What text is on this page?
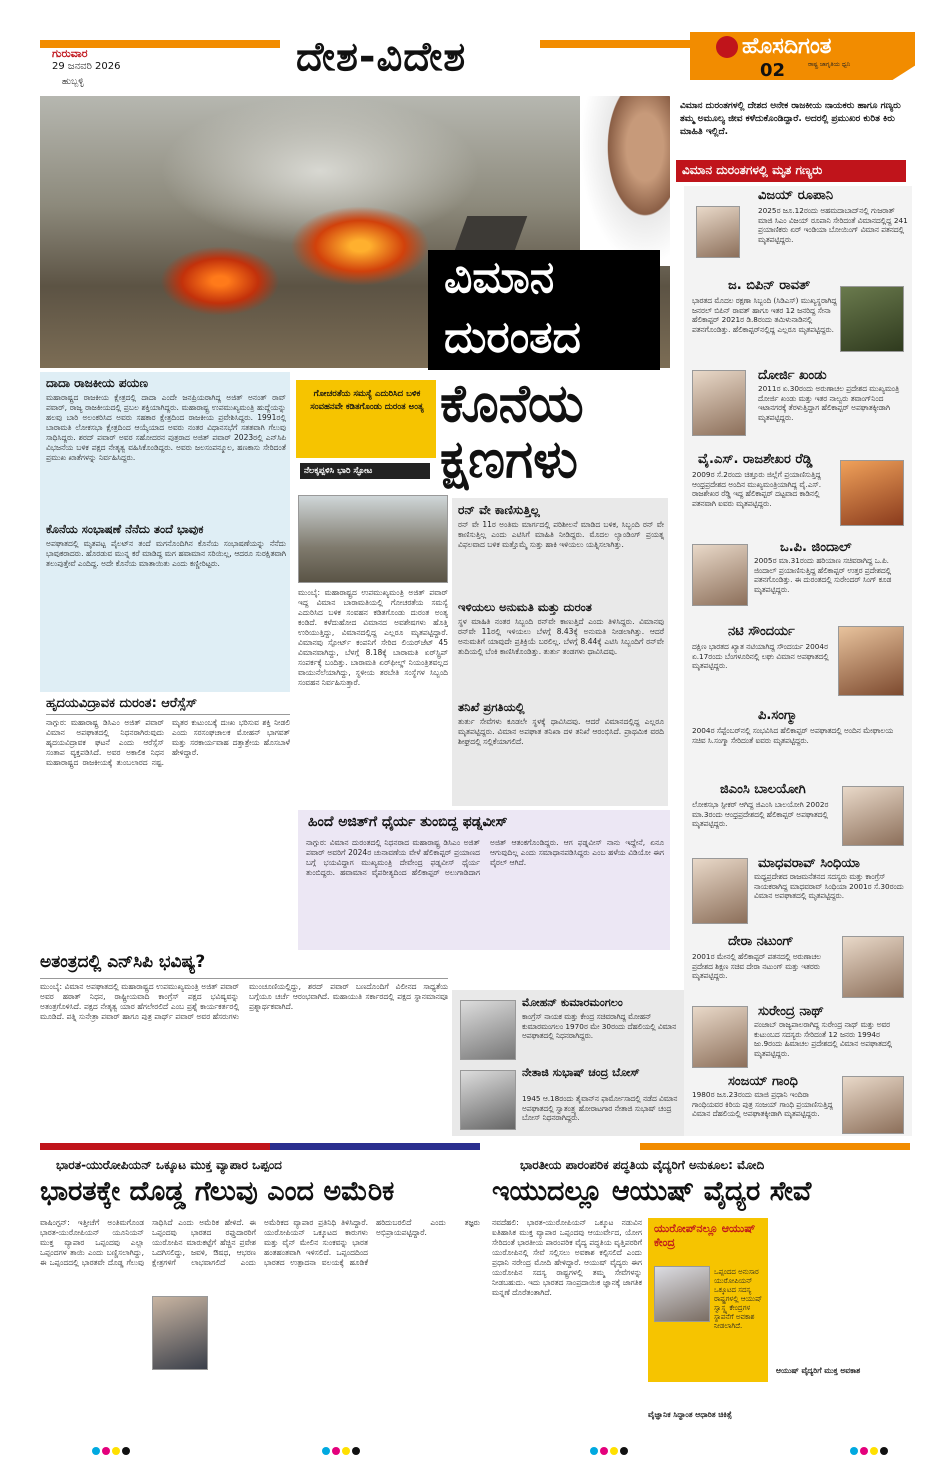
ಗುರುವಾರ
29 ಜನವರಿ 2026
ಹುಬ್ಬಳ್ಳಿ
ದೇಶ-ವಿದೇಶ	ಹೊಸದಿಗಂತ
ರಾಷ್ಟ್ರ ಜಾಗೃತಿಯ ಧ್ವನಿ
02
ವಿಮಾನ
ದುರಂತದ
ಕೊನೆಯ
ಕ್ಷಣಗಳು
ಗೋಚರತೆಯ ಸಮಸ್ಯೆ ಎದುರಿಸಿದ ಬಳಿಕ ಸಂವಹನವೇ ಕಡಿತಗೊಂಡು ದುರಂತ ಅಂತ್ಯ
ನೆಲಕ್ಕಪ್ಪಳಿಸಿ ಭಾರಿ ಸ್ಫೋಟ
ದಾದಾ ರಾಜಕೀಯ ಪಯಣ
ಮಹಾರಾಷ್ಟ್ರದ ರಾಜಕೀಯ ಕ್ಷೇತ್ರದಲ್ಲಿ ದಾದಾ ಎಂದೇ ಜನಪ್ರಿಯರಾಗಿದ್ದ ಅಜಿತ್ ಅನಂತ್ ರಾವ್ ಪವಾರ್, ರಾಜ್ಯ ರಾಜಕೀಯದಲ್ಲಿ ಪ್ರಬಲ ಶಕ್ತಿಯಾಗಿದ್ದರು. ಮಹಾರಾಷ್ಟ್ರ ಉಪಮುಖ್ಯಮಂತ್ರಿ ಹುದ್ದೆಯನ್ನು ಹಲವು ಬಾರಿ ಅಲಂಕರಿಸಿದ ಅವರು ಸಹಕಾರ ಕ್ಷೇತ್ರದಿಂದ ರಾಜಕೀಯ ಪ್ರವೇಶಿಸಿದ್ದರು. 1991ರಲ್ಲಿ ಬಾರಾಮತಿ ಲೋಕಸಭಾ ಕ್ಷೇತ್ರದಿಂದ ಆಯ್ಕೆಯಾದ ಅವರು ನಂತರ ವಿಧಾನಸಭೆಗೆ ಸತತವಾಗಿ ಗೆಲುವು ಸಾಧಿಸಿದ್ದರು. ಶರದ್ ಪವಾರ್ ಅವರ ಸಹೋದರನ ಪುತ್ರರಾದ ಅಜಿತ್ ಪವಾರ್ 2023ರಲ್ಲಿ ಎನ್‌ಸಿಪಿ ವಿಭಜನೆಯ ಬಳಿಕ ಪಕ್ಷದ ನೇತೃತ್ವ ವಹಿಸಿಕೊಂಡಿದ್ದರು. ಅವರು ಜಲಸಂಪನ್ಮೂಲ, ಹಣಕಾಸು ಸೇರಿದಂತೆ ಪ್ರಮುಖ ಖಾತೆಗಳನ್ನು ನಿರ್ವಹಿಸಿದ್ದರು.
ಕೊನೆಯ ಸಂಭಾಷಣೆ ನೆನೆದು ತಂದೆ ಭಾವುಕ
ಅಪಘಾತದಲ್ಲಿ ಮೃತಪಟ್ಟ ಪೈಲಟ್‌ನ ತಂದೆ ಮಗನೊಂದಿಗಿನ ಕೊನೆಯ ಸಂಭಾಷಣೆಯನ್ನು ನೆನೆದು ಭಾವುಕರಾದರು. ಹೊರಡುವ ಮುನ್ನ ಕರೆ ಮಾಡಿದ್ದ ಮಗ ಹವಾಮಾನ ಸರಿಯಿಲ್ಲ, ಆದರೂ ಸುರಕ್ಷಿತವಾಗಿ ತಲುಪುತ್ತೇವೆ ಎಂದಿದ್ದ. ಅದೇ ಕೊನೆಯ ಮಾತಾಯಿತು ಎಂದು ಕಣ್ಣೀರಿಟ್ಟರು.
ಹೃದಯವಿದ್ರಾವಕ ದುರಂತ: ಆರೆಸ್ಸೆಸ್
ನಾಗ್ಪುರ: ಮಹಾರಾಷ್ಟ್ರ ಡಿಸಿಎಂ ಅಜಿತ್ ಪವಾರ್ ವಿಮಾನ ಅಪಘಾತದಲ್ಲಿ ನಿಧನರಾಗಿರುವುದು ಹೃದಯವಿದ್ರಾವಕ ಘಟನೆ ಎಂದು ಆರೆಸ್ಸೆಸ್ ಸಂತಾಪ ವ್ಯಕ್ತಪಡಿಸಿದೆ. ಅವರ ಅಕಾಲಿಕ ನಿಧನ ಮಹಾರಾಷ್ಟ್ರದ ರಾಜಕೀಯಕ್ಕೆ ತುಂಬಲಾರದ ನಷ್ಟ. ಮೃತರ ಕುಟುಂಬಕ್ಕೆ ದುಃಖ ಭರಿಸುವ ಶಕ್ತಿ ನೀಡಲಿ ಎಂದು ಸರಸಂಘಚಾಲಕ ಮೋಹನ್ ಭಾಗವತ್ ಮತ್ತು ಸರಕಾರ್ಯವಾಹ ದತ್ತಾತ್ರೇಯ ಹೊಸಬಾಳೆ ಹೇಳಿದ್ದಾರೆ.
ಅತಂತ್ರದಲ್ಲಿ ಎನ್‌ಸಿಪಿ ಭವಿಷ್ಯ?
ಮುಂಬೈ: ವಿಮಾನ ಅಪಘಾತದಲ್ಲಿ ಮಹಾರಾಷ್ಟ್ರದ ಉಪಮುಖ್ಯಮಂತ್ರಿ ಅಜಿತ್ ಪವಾರ್ ಅವರ ಹಠಾತ್ ನಿಧನ, ರಾಷ್ಟ್ರೀಯವಾದಿ ಕಾಂಗ್ರೆಸ್ ಪಕ್ಷದ ಭವಿಷ್ಯವನ್ನು ಅತಂತ್ರಗೊಳಿಸಿದೆ. ಪಕ್ಷದ ನೇತೃತ್ವ ಯಾರ ಹೆಗಲೇರಲಿದೆ ಎಂಬ ಪ್ರಶ್ನೆ ಕಾರ್ಯಕರ್ತರಲ್ಲಿ ಮೂಡಿದೆ. ಪತ್ನಿ ಸುನೇತ್ರಾ ಪವಾರ್ ಹಾಗೂ ಪುತ್ರ ಪಾರ್ಥ್ ಪವಾರ್ ಅವರ ಹೆಸರುಗಳು ಮುಂಚೂಣಿಯಲ್ಲಿದ್ದು, ಶರದ್ ಪವಾರ್ ಬಣದೊಂದಿಗೆ ವಿಲೀನದ ಸಾಧ್ಯತೆಯ ಬಗ್ಗೆಯೂ ಚರ್ಚೆ ಆರಂಭವಾಗಿದೆ. ಮಹಾಯುತಿ ಸರ್ಕಾರದಲ್ಲಿ ಪಕ್ಷದ ಸ್ಥಾನಮಾನವೂ ಪ್ರಶ್ನಾರ್ಥಕವಾಗಿದೆ.
ರನ್ ವೇ ಕಾಣಿಸುತ್ತಿಲ್ಲ
ರನ್ ವೇ 11ರ ಅಂತಿಮ ಮಾರ್ಗದಲ್ಲಿ ಪರಿಶೀಲನೆ ಮಾಡಿದ ಬಳಿಕ, ಸಿಬ್ಬಂದಿ ರನ್ ವೇ ಕಾಣಿಸುತ್ತಿಲ್ಲ ಎಂದು ಎಟಿಸಿಗೆ ಮಾಹಿತಿ ನೀಡಿದ್ದರು. ಮೊದಲ ಲ್ಯಾಂಡಿಂಗ್ ಪ್ರಯತ್ನ ವಿಫಲವಾದ ಬಳಿಕ ಮತ್ತೊಮ್ಮೆ ಸುತ್ತು ಹಾಕಿ ಇಳಿಯಲು ಯತ್ನಿಸಲಾಗಿತ್ತು.
ಇಳಿಯಲು ಅನುಮತಿ ಮತ್ತು ದುರಂತ
ಸ್ಥಳ ಮಾಹಿತಿ ನಂತರ ಸಿಬ್ಬಂದಿ ರನ್‌ವೇ ಕಾಣುತ್ತಿದೆ ಎಂದು ತಿಳಿಸಿದ್ದರು. ವಿಮಾನವು ರನ್‌ವೇ 11ರಲ್ಲಿ ಇಳಿಯಲು ಬೆಳಗ್ಗೆ 8.43ಕ್ಕೆ ಅನುಮತಿ ನೀಡಲಾಗಿತ್ತು. ಆದರೆ ಅನುಮತಿಗೆ ಯಾವುದೇ ಪ್ರತಿಕ್ರಿಯೆ ಬರಲಿಲ್ಲ. ಬೆಳಗ್ಗೆ 8.44ಕ್ಕೆ ಎಟಿಸಿ ಸಿಬ್ಬಂದಿಗೆ ರನ್‌ವೇ ತುದಿಯಲ್ಲಿ ಬೆಂಕಿ ಕಾಣಿಸಿಕೊಂಡಿತ್ತು. ತುರ್ತು ತಂಡಗಳು ಧಾವಿಸಿದವು.
ತನಿಖೆ ಪ್ರಗತಿಯಲ್ಲಿ
ತುರ್ತು ಸೇವೆಗಳು ಕೂಡಲೇ ಸ್ಥಳಕ್ಕೆ ಧಾವಿಸಿದವು. ಆದರೆ ವಿಮಾನದಲ್ಲಿದ್ದ ಎಲ್ಲರೂ ಮೃತಪಟ್ಟಿದ್ದರು. ವಿಮಾನ ಅಪಘಾತ ತನಿಖಾ ದಳ ತನಿಖೆ ಆರಂಭಿಸಿದೆ. ಪ್ರಾಥಮಿಕ ವರದಿ ಶೀಘ್ರದಲ್ಲಿ ಸಲ್ಲಿಕೆಯಾಗಲಿದೆ.
ಮುಂಬೈ: ಮಹಾರಾಷ್ಟ್ರದ ಉಪಮುಖ್ಯಮಂತ್ರಿ ಅಜಿತ್ ಪವಾರ್ ಇದ್ದ ವಿಮಾನ ಬಾರಾಮತಿಯಲ್ಲಿ ಗೋಚರತೆಯ ಸಮಸ್ಯೆ ಎದುರಿಸಿದ ಬಳಿಕ ಸಂವಹನ ಕಡಿತಗೊಂಡು ದುರಂತ ಅಂತ್ಯ ಕಂಡಿದೆ. ಕಳೆದುಹೋದ ವಿಮಾನದ ಅವಶೇಷಗಳು ಹೊತ್ತಿ ಉರಿಯುತ್ತಿದ್ದು, ವಿಮಾನದಲ್ಲಿದ್ದ ಎಲ್ಲರೂ ಮೃತಪಟ್ಟಿದ್ದಾರೆ. ವಿಮಾನವು ಸ್ಪೋರ್ಟ್ ಕಂಪನಿಗೆ ಸೇರಿದ ಲಿಯರ್‌ಜೆಟ್ 45 ವಿಮಾನವಾಗಿದ್ದು, ಬೆಳಗ್ಗೆ 8.18ಕ್ಕೆ ಬಾರಾಮತಿ ಏರ್‌ಸ್ಟ್ರಿಪ್ ಸಂಪರ್ಕಕ್ಕೆ ಬಂದಿತ್ತು. ಬಾರಾಮತಿ ಏರ್‌ಫೀಲ್ಡ್ ನಿಯಂತ್ರಿತವಲ್ಲದ ವಾಯುನೆಲೆಯಾಗಿದ್ದು, ಸ್ಥಳೀಯ ತರಬೇತಿ ಸಂಸ್ಥೆಗಳ ಸಿಬ್ಬಂದಿ ಸಂವಹನ ನಿರ್ವಹಿಸುತ್ತಾರೆ.
ಹಿಂದೆ ಅಜಿತ್‌ಗೆ ಧೈರ್ಯ ತುಂಬಿದ್ದ ಫಡ್ನವೀಸ್
ನಾಗ್ಪುರ: ವಿಮಾನ ದುರಂತದಲ್ಲಿ ನಿಧನರಾದ ಮಹಾರಾಷ್ಟ್ರ ಡಿಸಿಎಂ ಅಜಿತ್ ಪವಾರ್ ಅವರಿಗೆ 2024ರ ಚುನಾವಣೆಯ ವೇಳೆ ಹೆಲಿಕಾಪ್ಟರ್ ಪ್ರಯಾಣದ ಬಗ್ಗೆ ಭಯವಿದ್ದಾಗ ಮುಖ್ಯಮಂತ್ರಿ ದೇವೇಂದ್ರ ಫಡ್ನವೀಸ್ ಧೈರ್ಯ ತುಂಬಿದ್ದರು. ಹವಾಮಾನ ವೈಪರೀತ್ಯದಿಂದ ಹೆಲಿಕಾಪ್ಟರ್ ಅಲುಗಾಡಿದಾಗ ಅಜಿತ್ ಆತಂಕಗೊಂಡಿದ್ದರು. ಆಗ ಫಡ್ನವೀಸ್ ನಾನು ಇದ್ದೇನೆ, ಏನೂ ಆಗುವುದಿಲ್ಲ ಎಂದು ಸಮಾಧಾನಪಡಿಸಿದ್ದರು ಎಂಬ ಹಳೆಯ ವಿಡಿಯೋ ಈಗ ವೈರಲ್ ಆಗಿದೆ.
ಮೋಹನ್ ಕುಮಾರಮಂಗಲಂ
ಕಾಂಗ್ರೆಸ್ ನಾಯಕ ಮತ್ತು ಕೇಂದ್ರ ಸಚಿವರಾಗಿದ್ದ ಮೋಹನ್ ಕುಮಾರಮಂಗಲಂ 1970ರ ಮೇ 30ರಂದು ದೆಹಲಿಯಲ್ಲಿ ವಿಮಾನ ಅಪಘಾತದಲ್ಲಿ ನಿಧನರಾಗಿದ್ದರು.
ನೇತಾಜಿ ಸುಭಾಷ್ ಚಂದ್ರ ಬೋಸ್
1945 ಆ.18ರಂದು ತೈವಾನ್‌ನ ಫಾರ್ಮೋಸಾದಲ್ಲಿ ನಡೆದ ವಿಮಾನ ಅಪಘಾತದಲ್ಲಿ ಸ್ವಾತಂತ್ರ್ಯ ಹೋರಾಟಗಾರ ನೇತಾಜಿ ಸುಭಾಷ್ ಚಂದ್ರ ಬೋಸ್ ನಿಧನರಾಗಿದ್ದರು.
ವಿಮಾನ ದುರಂತಗಳಲ್ಲಿ ದೇಶದ ಅನೇಕ ರಾಜಕೀಯ ನಾಯಕರು ಹಾಗೂ ಗಣ್ಯರು ತಮ್ಮ ಅಮೂಲ್ಯ ಜೀವ ಕಳೆದುಕೊಂಡಿದ್ದಾರೆ. ಅದರಲ್ಲಿ ಪ್ರಮುಖರ ಕುರಿತ ಕಿರು ಮಾಹಿತಿ ಇಲ್ಲಿದೆ.
ವಿಮಾನ ದುರಂತಗಳಲ್ಲಿ ಮೃತ ಗಣ್ಯರು
ವಿಜಯ್ ರೂಪಾನಿ
2025ರ ಜೂ.12ರಂದು ಅಹಮದಾಬಾದ್‌ನಲ್ಲಿ ಗುಜರಾತ್ ಮಾಜಿ ಸಿಎಂ ವಿಜಯ್ ರೂಪಾನಿ ಸೇರಿದಂತೆ ವಿಮಾನದಲ್ಲಿದ್ದ 241 ಪ್ರಯಾಣಿಕರು ಏರ್ ಇಂಡಿಯಾ ಬೋಯಿಂಗ್ ವಿಮಾನ ಪತನದಲ್ಲಿ ಮೃತಪಟ್ಟಿದ್ದರು.
ಜ. ಬಿಪಿನ್ ರಾವತ್
ಭಾರತದ ಮೊದಲ ರಕ್ಷಣಾ ಸಿಬ್ಬಂದಿ (ಸಿಡಿಎಸ್) ಮುಖ್ಯಸ್ಥರಾಗಿದ್ದ ಜನರಲ್ ಬಿಪಿನ್ ರಾವತ್ ಹಾಗೂ ಇತರ 12 ಜನರಿದ್ದ ಸೇನಾ ಹೆಲಿಕಾಪ್ಟರ್ 2021ರ ಡಿ.8ರಂದು ತಮಿಳುನಾಡಿನಲ್ಲಿ ಪತನಗೊಂಡಿತ್ತು. ಹೆಲಿಕಾಪ್ಟರ್‌ನಲ್ಲಿದ್ದ ಎಲ್ಲರೂ ಮೃತಪಟ್ಟಿದ್ದರು.
ದೋರ್ಜಿ ಖಂಡು
2011ರ ಏ.30ರಂದು ಅರುಣಾಚಲ ಪ್ರದೇಶದ ಮುಖ್ಯಮಂತ್ರಿ ದೋರ್ಜಿ ಖಂಡು ಮತ್ತು ಇತರ ನಾಲ್ವರು ತವಾಂಗ್‌ನಿಂದ ಇಟಾನಗರಕ್ಕೆ ತೆರಳುತ್ತಿದ್ದಾಗ ಹೆಲಿಕಾಪ್ಟರ್ ಅಪಘಾತಕ್ಕೀಡಾಗಿ ಮೃತಪಟ್ಟಿದ್ದರು.
ವೈ.ಎಸ್. ರಾಜಶೇಖರ ರೆಡ್ಡಿ
2009ರ ಸೆ.2ರಂದು ಚಿತ್ತೂರು ಜಿಲ್ಲೆಗೆ ಪ್ರಯಾಣಿಸುತ್ತಿದ್ದ ಆಂಧ್ರಪ್ರದೇಶದ ಅಂದಿನ ಮುಖ್ಯಮಂತ್ರಿಯಾಗಿದ್ದ ವೈ.ಎಸ್. ರಾಜಶೇಖರ ರೆಡ್ಡಿ ಇದ್ದ ಹೆಲಿಕಾಪ್ಟರ್ ದಟ್ಟವಾದ ಕಾಡಿನಲ್ಲಿ ಪತನವಾಗಿ ಐವರು ಮೃತಪಟ್ಟಿದ್ದರು.
ಒ.ಪಿ. ಜಿಂದಾಲ್
2005ರ ಮಾ.31ರಂದು ಹರಿಯಾಣ ಸಚಿವರಾಗಿದ್ದ ಒ.ಪಿ. ಜಿಂದಾಲ್ ಪ್ರಯಾಣಿಸುತ್ತಿದ್ದ ಹೆಲಿಕಾಪ್ಟರ್ ಉತ್ತರ ಪ್ರದೇಶದಲ್ಲಿ ಪತನಗೊಂಡಿತ್ತು. ಈ ದುರಂತದಲ್ಲಿ ಸುರೇಂದರ್ ಸಿಂಗ್ ಕೂಡ ಮೃತಪಟ್ಟಿದ್ದರು.
ನಟಿ ಸೌಂದರ್ಯ
ದಕ್ಷಿಣ ಭಾರತದ ಖ್ಯಾತ ನಟಿಯಾಗಿದ್ದ ಸೌಂದರ್ಯ 2004ರ ಏ.17ರಂದು ಬೆಂಗಳೂರಿನಲ್ಲಿ ಲಘು ವಿಮಾನ ಅಪಘಾತದಲ್ಲಿ ಮೃತಪಟ್ಟಿದ್ದರು.
ಪಿ.ಸಂಗ್ಮಾ
2004ರ ಸೆಪ್ಟೆಂಬರ್‌ನಲ್ಲಿ ಸಂಭವಿಸಿದ ಹೆಲಿಕಾಪ್ಟರ್ ಅಪಘಾತದಲ್ಲಿ ಅಂದಿನ ಮೇಘಾಲಯ ಸಚಿವ ಸಿ.ಸಂಗ್ಮಾ ಸೇರಿದಂತೆ ಐವರು ಮೃತಪಟ್ಟಿದ್ದರು.
ಜಿಎಂಸಿ ಬಾಲಯೋಗಿ
ಲೋಕಸಭಾ ಸ್ಪೀಕರ್ ಆಗಿದ್ದ ಜಿಎಂಸಿ ಬಾಲಯೋಗಿ 2002ರ ಮಾ.3ರಂದು ಆಂಧ್ರಪ್ರದೇಶದಲ್ಲಿ ಹೆಲಿಕಾಪ್ಟರ್ ಅಪಘಾತದಲ್ಲಿ ಮೃತಪಟ್ಟಿದ್ದರು.
ಮಾಧವರಾವ್ ಸಿಂಧಿಯಾ
ಮಧ್ಯಪ್ರದೇಶದ ರಾಜಮನೆತನದ ಸದಸ್ಯರು ಮತ್ತು ಕಾಂಗ್ರೆಸ್ ನಾಯಕರಾಗಿದ್ದ ಮಾಧವರಾವ್ ಸಿಂಧಿಯಾ 2001ರ ಸೆ.30ರಂದು ವಿಮಾನ ಅಪಘಾತದಲ್ಲಿ ಮೃತಪಟ್ಟಿದ್ದರು.
ದೇರಾ ನಟುಂಗ್
2001ರ ಮೇನಲ್ಲಿ ಹೆಲಿಕಾಪ್ಟರ್ ಪತನದಲ್ಲಿ ಅರುಣಾಚಲ ಪ್ರದೇಶದ ಶಿಕ್ಷಣ ಸಚಿವ ದೇರಾ ನಟುಂಗ್ ಮತ್ತು ಇತರರು ಮೃತಪಟ್ಟಿದ್ದರು.
ಸುರೇಂದ್ರ ನಾಥ್
ಪಂಜಾಬ್ ರಾಜ್ಯಪಾಲರಾಗಿದ್ದ ಸುರೇಂದ್ರ ನಾಥ್ ಮತ್ತು ಅವರ ಕುಟುಂಬದ ಸದಸ್ಯರು ಸೇರಿದಂತೆ 12 ಜನರು 1994ರ ಜು.9ರಂದು ಹಿಮಾಚಲ ಪ್ರದೇಶದಲ್ಲಿ ವಿಮಾನ ಅಪಘಾತದಲ್ಲಿ ಮೃತಪಟ್ಟಿದ್ದರು.
ಸಂಜಯ್ ಗಾಂಧಿ
1980ರ ಜೂ.23ರಂದು ಮಾಜಿ ಪ್ರಧಾನಿ ಇಂದಿರಾ ಗಾಂಧಿಯವರ ಕಿರಿಯ ಪುತ್ರ ಸಂಜಯ್ ಗಾಂಧಿ ಪ್ರಯಾಣಿಸುತ್ತಿದ್ದ ವಿಮಾನ ದೆಹಲಿಯಲ್ಲಿ ಅಪಘಾತಕ್ಕೀಡಾಗಿ ಮೃತಪಟ್ಟಿದ್ದರು.
ಭಾರತ-ಯುರೋಪಿಯನ್ ಒಕ್ಕೂಟ ಮುಕ್ತ ವ್ಯಾಪಾರ ಒಪ್ಪಂದ
ಭಾರತಕ್ಕೇ ದೊಡ್ಡ ಗೆಲುವು ಎಂದ ಅಮೆರಿಕ
ವಾಷಿಂಗ್ಟನ್: ಇತ್ತೀಚೆಗೆ ಅಂತಿಮಗೊಂಡ ಭಾರತ-ಯುರೋಪಿಯನ್ ಯೂನಿಯನ್ ಮುಕ್ತ ವ್ಯಾಪಾರ ಒಪ್ಪಂದವು ಎಲ್ಲಾ ಒಪ್ಪಂದಗಳ ತಾಯಿ ಎಂದು ಬಣ್ಣಿಸಲಾಗಿದ್ದು, ಈ ಒಪ್ಪಂದದಲ್ಲಿ ಭಾರತವೇ ದೊಡ್ಡ ಗೆಲುವು ಸಾಧಿಸಿದೆ ಎಂದು ಅಮೆರಿಕ ಹೇಳಿದೆ. ಈ ಒಪ್ಪಂದವು ಭಾರತದ ರಫ್ತುದಾರರಿಗೆ ಯುರೋಪಿನ ಮಾರುಕಟ್ಟೆಗೆ ಹೆಚ್ಚಿನ ಪ್ರವೇಶ ಒದಗಿಸಲಿದ್ದು, ಜವಳಿ, ಔಷಧ, ಆಭರಣ ಕ್ಷೇತ್ರಗಳಿಗೆ ಲಾಭವಾಗಲಿದೆ ಎಂದು ಅಮೆರಿಕದ ವ್ಯಾಪಾರ ಪ್ರತಿನಿಧಿ ತಿಳಿಸಿದ್ದಾರೆ. ಯುರೋಪಿಯನ್ ಒಕ್ಕೂಟದ ಕಾರುಗಳು ಮತ್ತು ವೈನ್ ಮೇಲಿನ ಸುಂಕವನ್ನು ಭಾರತ ಹಂತಹಂತವಾಗಿ ಇಳಿಸಲಿದೆ. ಒಪ್ಪಂದದಿಂದ ಭಾರತದ ಉತ್ಪಾದನಾ ವಲಯಕ್ಕೆ ಹೂಡಿಕೆ ಹರಿದುಬರಲಿದೆ ಎಂದು ತಜ್ಞರು ಅಭಿಪ್ರಾಯಪಟ್ಟಿದ್ದಾರೆ.
ಭಾರತೀಯ ಪಾರಂಪರಿಕ ಪದ್ಧತಿಯ ವೈದ್ಯರಿಗೆ ಅನುಕೂಲ: ಮೋದಿ
ಇಯುದಲ್ಲೂ ಆಯುಷ್ ವೈದ್ಯರ ಸೇವೆ
ನವದೆಹಲಿ: ಭಾರತ-ಯುರೋಪಿಯನ್ ಒಕ್ಕೂಟ ನಡುವಿನ ಐತಿಹಾಸಿಕ ಮುಕ್ತ ವ್ಯಾಪಾರ ಒಪ್ಪಂದವು ಆಯುರ್ವೇದ, ಯೋಗ ಸೇರಿದಂತೆ ಭಾರತೀಯ ಪಾರಂಪರಿಕ ವೈದ್ಯ ಪದ್ಧತಿಯ ವೃತ್ತಿಪರರಿಗೆ ಯುರೋಪಿನಲ್ಲಿ ಸೇವೆ ಸಲ್ಲಿಸಲು ಅವಕಾಶ ಕಲ್ಪಿಸಲಿದೆ ಎಂದು ಪ್ರಧಾನಿ ನರೇಂದ್ರ ಮೋದಿ ಹೇಳಿದ್ದಾರೆ. ಆಯುಷ್ ವೈದ್ಯರು ಈಗ ಯುರೋಪಿನ ಸದಸ್ಯ ರಾಷ್ಟ್ರಗಳಲ್ಲಿ ತಮ್ಮ ಸೇವೆಗಳನ್ನು ನೀಡಬಹುದು. ಇದು ಭಾರತದ ಸಾಂಪ್ರದಾಯಿಕ ಜ್ಞಾನಕ್ಕೆ ಜಾಗತಿಕ ಮನ್ನಣೆ ದೊರೆತಂತಾಗಿದೆ.
ಯುರೋಪ್‌ನಲ್ಲೂ ಆಯುಷ್ ಕೇಂದ್ರ
ಒಪ್ಪಂದದ ಅನುಸಾರ ಯುರೋಪಿಯನ್ ಒಕ್ಕೂಟದ ಸದಸ್ಯ ರಾಷ್ಟ್ರಗಳಲ್ಲಿ ಆಯುಷ್ ಸ್ವಾಸ್ಥ್ಯ ಕೇಂದ್ರಗಳ ಸ್ಥಾಪನೆಗೆ ಅವಕಾಶ ನೀಡಲಾಗಿದೆ.
ಆಯುಷ್ ವೈದ್ಯರಿಗೆ ಮುಕ್ತ ಅವಕಾಶ
ವೈಜ್ಞಾನಿಕ ಸಿದ್ಧಾಂತ ಆಧಾರಿತ ಚಿಕಿತ್ಸೆ
